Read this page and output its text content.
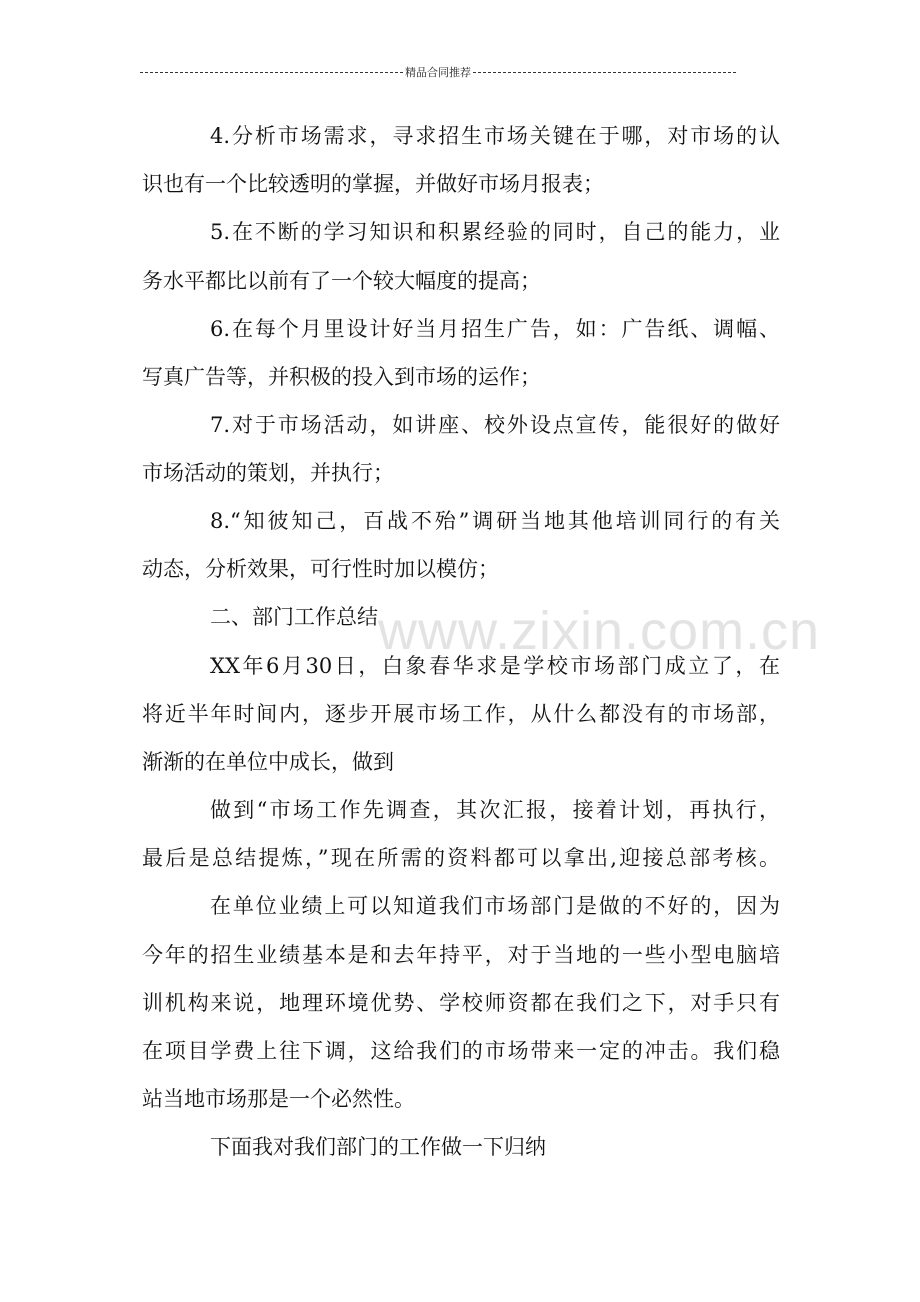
精品合同推荐
www.zixin.com.cn
4.分析市场需求，寻求招生市场关键在于哪，对市场的认
识也有一个比较透明的掌握，并做好市场月报表；
5.在不断的学习知识和积累经验的同时，自己的能力，业
务水平都比以前有了一个较大幅度的提高；
6.在每个月里设计好当月招生广告，如：广告纸、调幅、
写真广告等，并积极的投入到市场的运作；
7.对于市场活动，如讲座、校外设点宣传，能很好的做好
市场活动的策划，并执行；
8.“知彼知己，百战不殆”调研当地其他培训同行的有关
动态，分析效果，可行性时加以模仿；
二、部门工作总结
XX年6月30日，白象春华求是学校市场部门成立了，在
将近半年时间内，逐步开展市场工作，从什么都没有的市场部，
渐渐的在单位中成长，做到
做到“市场工作先调查，其次汇报，接着计划，再执行，
最后是总结提炼，”现在所需的资料都可以拿出,迎接总部考核。
在单位业绩上可以知道我们市场部门是做的不好的，因为
今年的招生业绩基本是和去年持平，对于当地的一些小型电脑培
训机构来说，地理环境优势、学校师资都在我们之下，对手只有
在项目学费上往下调，这给我们的市场带来一定的冲击。我们稳
站当地市场那是一个必然性。
下面我对我们部门的工作做一下归纳
